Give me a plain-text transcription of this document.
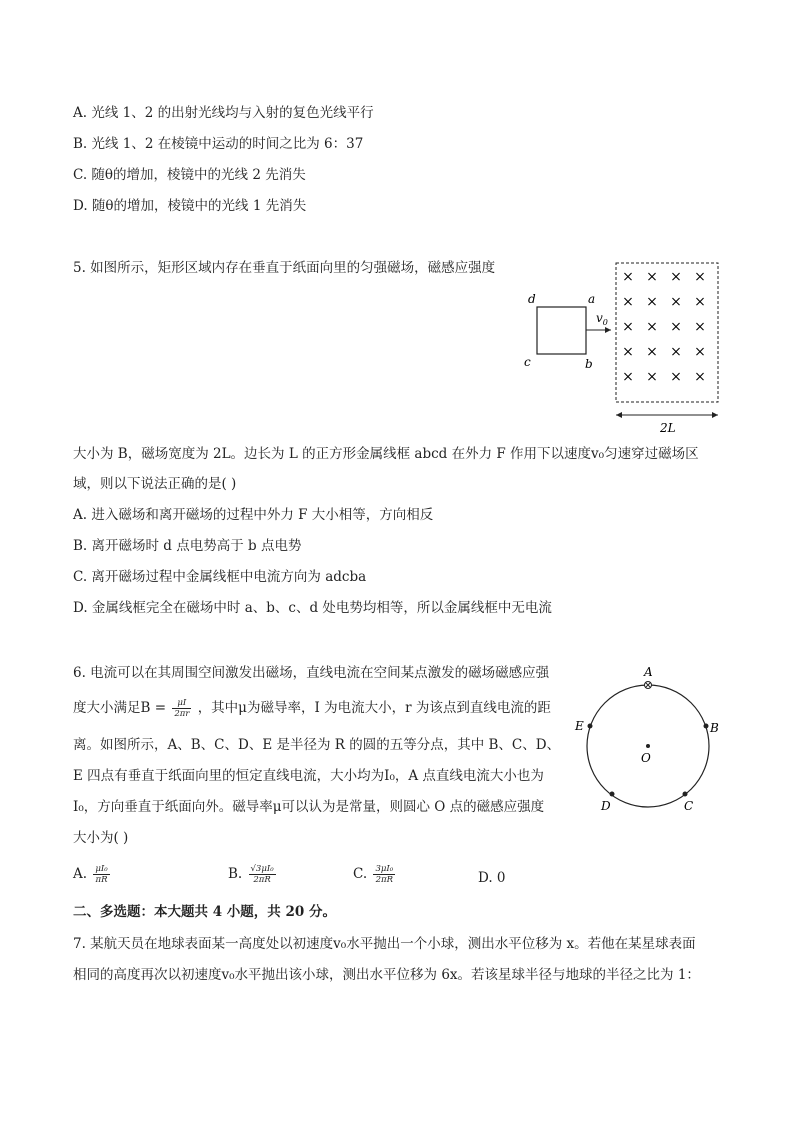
A. 光线 1、2 的出射光线均与入射的复色光线平行
B. 光线 1、2 在棱镜中运动的时间之比为 6：37
C. 随θ的增加，棱镜中的光线 2 先消失
D. 随θ的增加，棱镜中的光线 1 先消失
5. 如图所示，矩形区域内存在垂直于纸面向里的匀强磁场，磁感应强度
d	a
c	b
$v_0$
× × × ×
× × × ×
× × × ×
× × × ×
× × × ×
2L
大小为 B，磁场宽度为 2L。边长为 L 的正方形金属线框 abcd 在外力 F 作用下以速度v₀匀速穿过磁场区
域，则以下说法正确的是( )
A. 进入磁场和离开磁场的过程中外力 F 大小相等，方向相反
B. 离开磁场时 d 点电势高于 b 点电势
C. 离开磁场过程中金属线框中电流方向为 adcba
D. 金属线框完全在磁场中时 a、b、c、d 处电势均相等，所以金属线框中无电流
6. 电流可以在其周围空间激发出磁场，直线电流在空间某点激发的磁场磁感应强
度大小满足$B = \frac{\mu I}{2\pi r}$ ，其中μ为磁导率，I 为电流大小，r 为该点到直线电流的距
离。如图所示，A、B、C、D、E 是半径为 R 的圆的五等分点，其中 B、C、D、
E 四点有垂直于纸面向里的恒定直线电流，大小均为I₀，A 点直线电流大小也为
I₀，方向垂直于纸面向外。磁导率μ可以认为是常量，则圆心 O 点的磁感应强度
大小为( )
A
B
C
D
E
O
A. $\frac{\text{μI₀}}{\pi R}$	B. $\frac{\text{√3μI₀}}{2\pi R}$	C. $\frac{\text{3μI₀}}{2\pi R}$	D. 0
二、多选题：本大题共 4 小题，共 20 分。
7. 某航天员在地球表面某一高度处以初速度v₀水平抛出一个小球，测出水平位移为 x。若他在某星球表面
相同的高度再次以初速度v₀水平抛出该小球，测出水平位移为 6x。若该星球半径与地球的半径之比为 1：
